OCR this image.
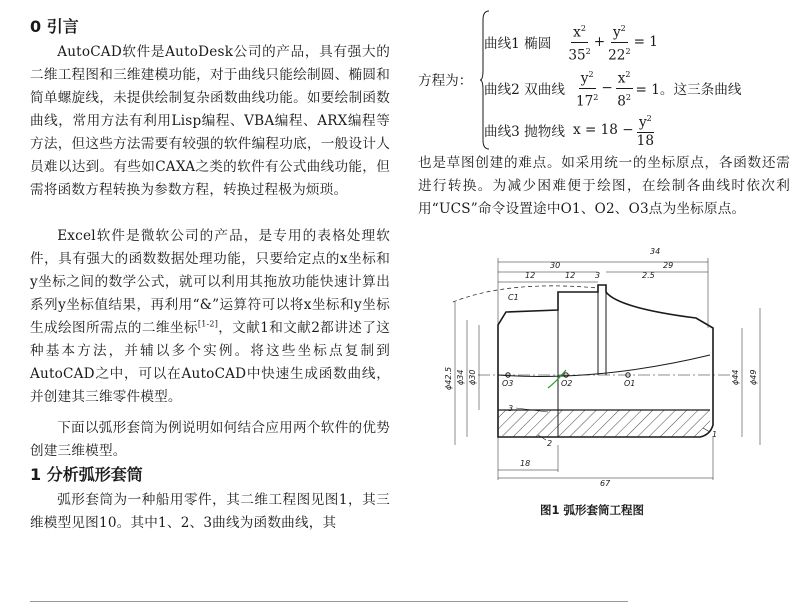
0 引言

AutoCAD软件是AutoDesk公司的产品，具有强大的二维工程图和三维建模功能，对于曲线只能绘制圆、椭圆和简单螺旋线，未提供绘制复杂函数曲线功能。如要绘制函数曲线，常用方法有利用Lisp编程、VBA编程、ARX编程等方法，但这些方法需要有较强的软件编程功底，一般设计人员难以达到。有些如CAXA之类的软件有公式曲线功能，但需将函数方程转换为参数方程，转换过程极为烦琐。

Excel软件是微软公司的产品，是专用的表格处理软件，具有强大的函数数据处理功能，只要给定点的x坐标和y坐标之间的数学公式，就可以利用其拖放功能快速计算出系列y坐标值结果，再利用“&”运算符可以将x坐标和y坐标生成绘图所需点的二维坐标[1-2]，文献1和文献2都讲述了这种基本方法，并辅以多个实例。将这些坐标点复制到AutoCAD之中，可以在AutoCAD中快速生成函数曲线，并创建其三维零件模型。

下面以弧形套筒为例说明如何结合应用两个软件的优势创建三维模型。

1 分析弧形套筒

弧形套筒为一种船用零件，其二维工程图见图1，其三维模型见图10。其中1、2、3曲线为函数曲线，其

方程为：
曲线1 椭圆 $\frac{x^2}{35^2} + \frac{y^2}{22^2} = 1$
曲线2 双曲线 $\frac{y^2}{17^2} - \frac{x^2}{8^2} = 1$。这三条曲线
曲线3 抛物线 $x = 18 - \frac{y^2}{18}$

也是草图创建的难点。如采用统一的坐标原点，各函数还需进行转换。为减少困难便于绘图，在绘制各曲线时依次利用“UCS”命令设置途中O1、O2、O3点为坐标原点。

O3	O2	O1
34
30	29
12	12 3	2.5
C1
ϕ42.5 ϕ34 ϕ30	ϕ44 ϕ49
3
2
1
18
67
图1 弧形套筒工程图
